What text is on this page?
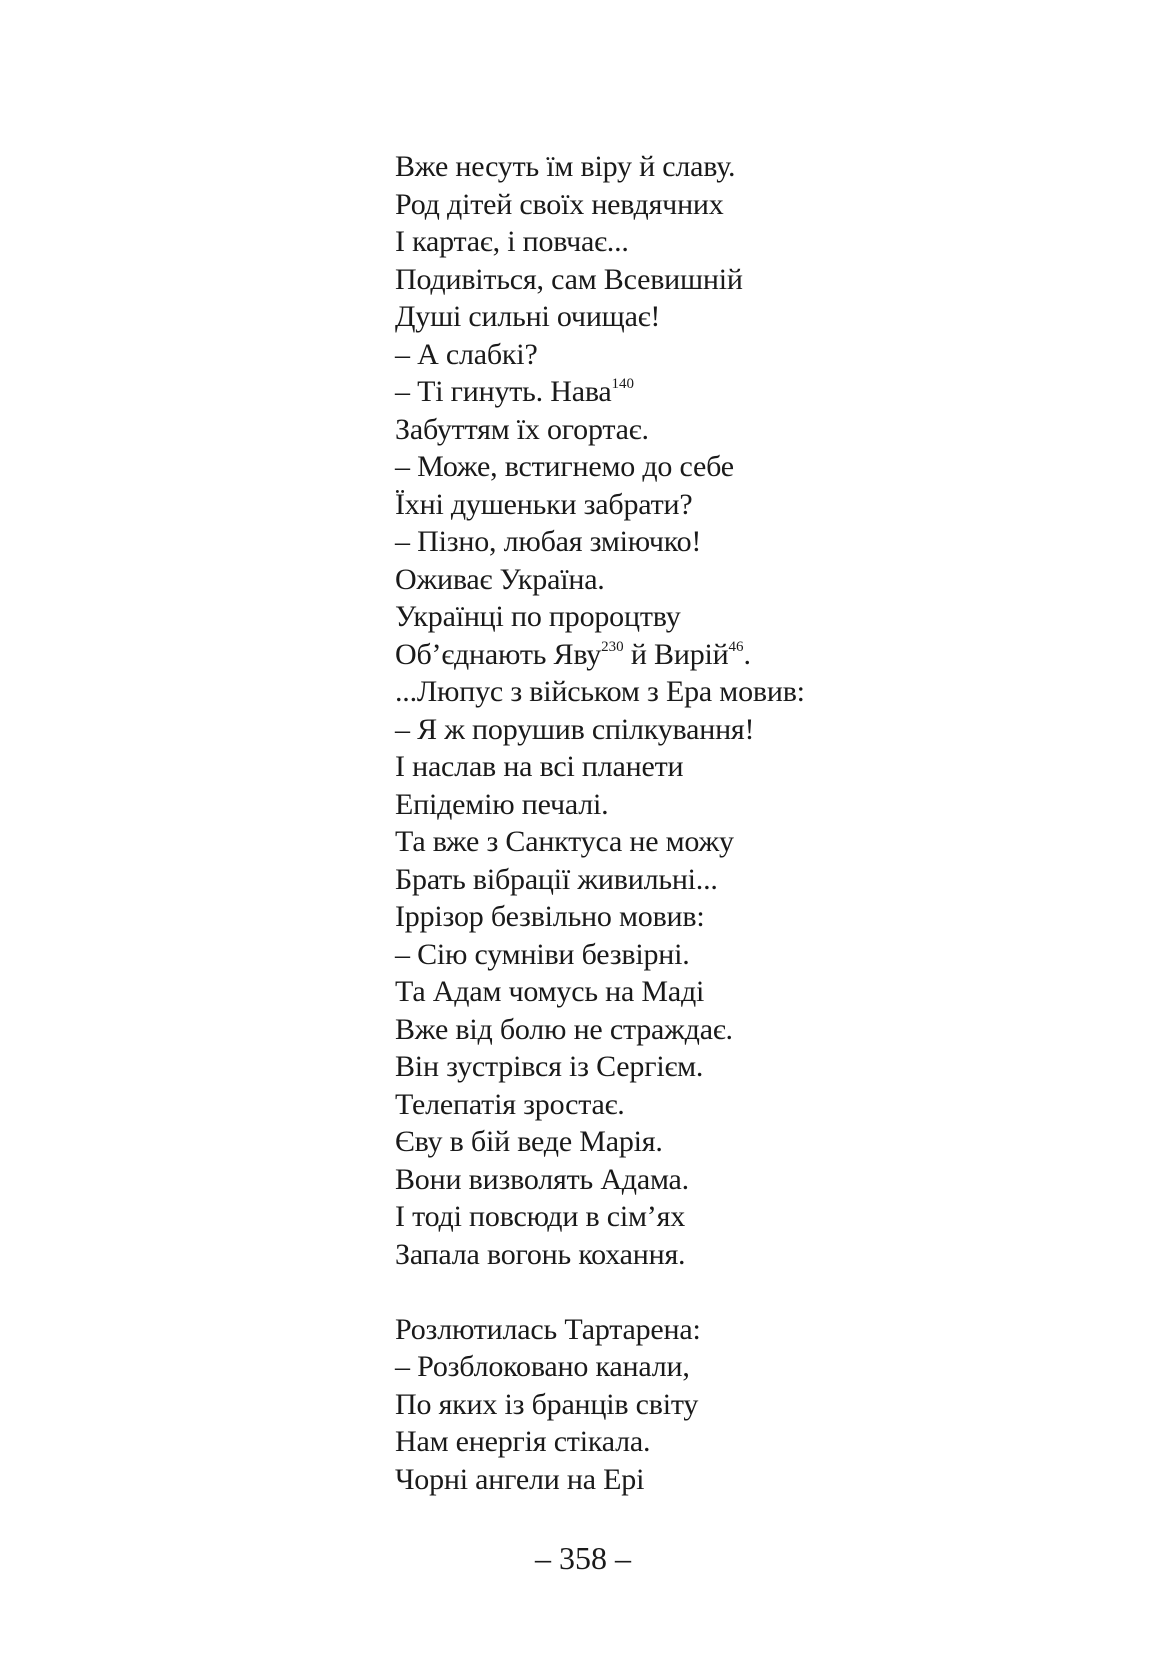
Вже несуть їм віру й славу.
Род дітей своїх невдячних
І картає, і повчає...
Подивіться, сам Всевишній
Душі сильні очищає!
– А слабкі?
– Ті гинуть. Нава$^{140}$
Забуттям їх огортає.
– Може, встигнемо до себе
Їхні душеньки забрати?
– Пізно, любая зміючко!
Оживає Україна.
Українці по пророцтву
Об’єднають Яву$^{230}$ й Вирій$^{46}$.
...Люпус з військом з Ера мовив:
– Я ж порушив спілкування!
І наслав на всі планети
Епідемію печалі.
Та вже з Санктуса не можу
Брать вібрації живильні...
Іррізор безвільно мовив:
– Сію сумніви безвірні.
Та Адам чомусь на Маді
Вже від болю не страждає.
Він зустрівся із Сергієм.
Телепатія зростає.
Єву в бій веде Марія.
Вони визволять Адама.
І тоді повсюди в сім’ях
Запала вогонь кохання.
Розлютилась Тартарена:
– Розблоковано канали,
По яких із бранців світу
Нам енергія стікала.
Чорні ангели на Ері
– 358 –
